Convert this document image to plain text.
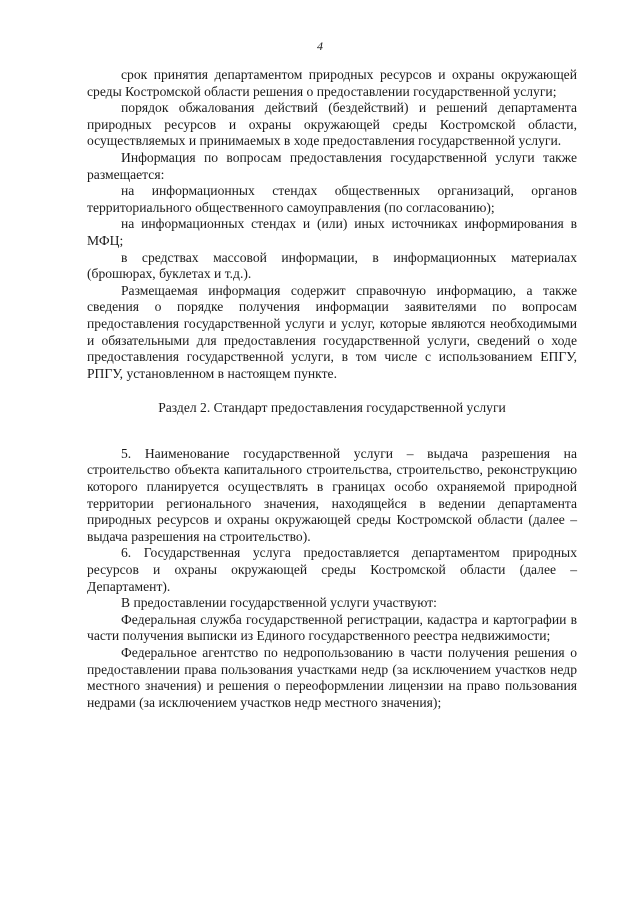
4

срок принятия департаментом природных ресурсов и охраны окружающей среды Костромской области решения о предоставлении государственной услуги;

порядок обжалования действий (бездействий) и решений департамента природных ресурсов и охраны окружающей среды Костромской области, осуществляемых и принимаемых в ходе предоставления государственной услуги.

Информация по вопросам предоставления государственной услуги также размещается:

на информационных стендах общественных организаций, органов территориального общественного самоуправления (по согласованию);

на информационных стендах и (или) иных источниках информирования в МФЦ;

в средствах массовой информации, в информационных материалах (брошюрах, буклетах и т.д.).

Размещаемая информация содержит справочную информацию, а также сведения о порядке получения информации заявителями по вопросам предоставления государственной услуги и услуг, которые являются необходимыми и обязательными для предоставления государственной услуги, сведений о ходе предоставления государственной услуги, в том числе с использованием ЕПГУ, РПГУ, установленном в настоящем пункте.

Раздел 2. Стандарт предоставления государственной услуги

5. Наименование государственной услуги – выдача разрешения на строительство объекта капитального строительства, строительство, реконструкцию которого планируется осуществлять в границах особо охраняемой природной территории регионального значения, находящейся в ведении департамента природных ресурсов и охраны окружающей среды Костромской области (далее – выдача разрешения на строительство).

6. Государственная услуга предоставляется департаментом природных ресурсов и охраны окружающей среды Костромской области (далее – Департамент).

В предоставлении государственной услуги участвуют:

Федеральная служба государственной регистрации, кадастра и картографии в части получения выписки из Единого государственного реестра недвижимости;

Федеральное агентство по недропользованию в части получения решения о предоставлении права пользования участками недр (за исключением участков недр местного значения) и решения о переоформлении лицензии на право пользования недрами (за исключением участков недр местного значения);
